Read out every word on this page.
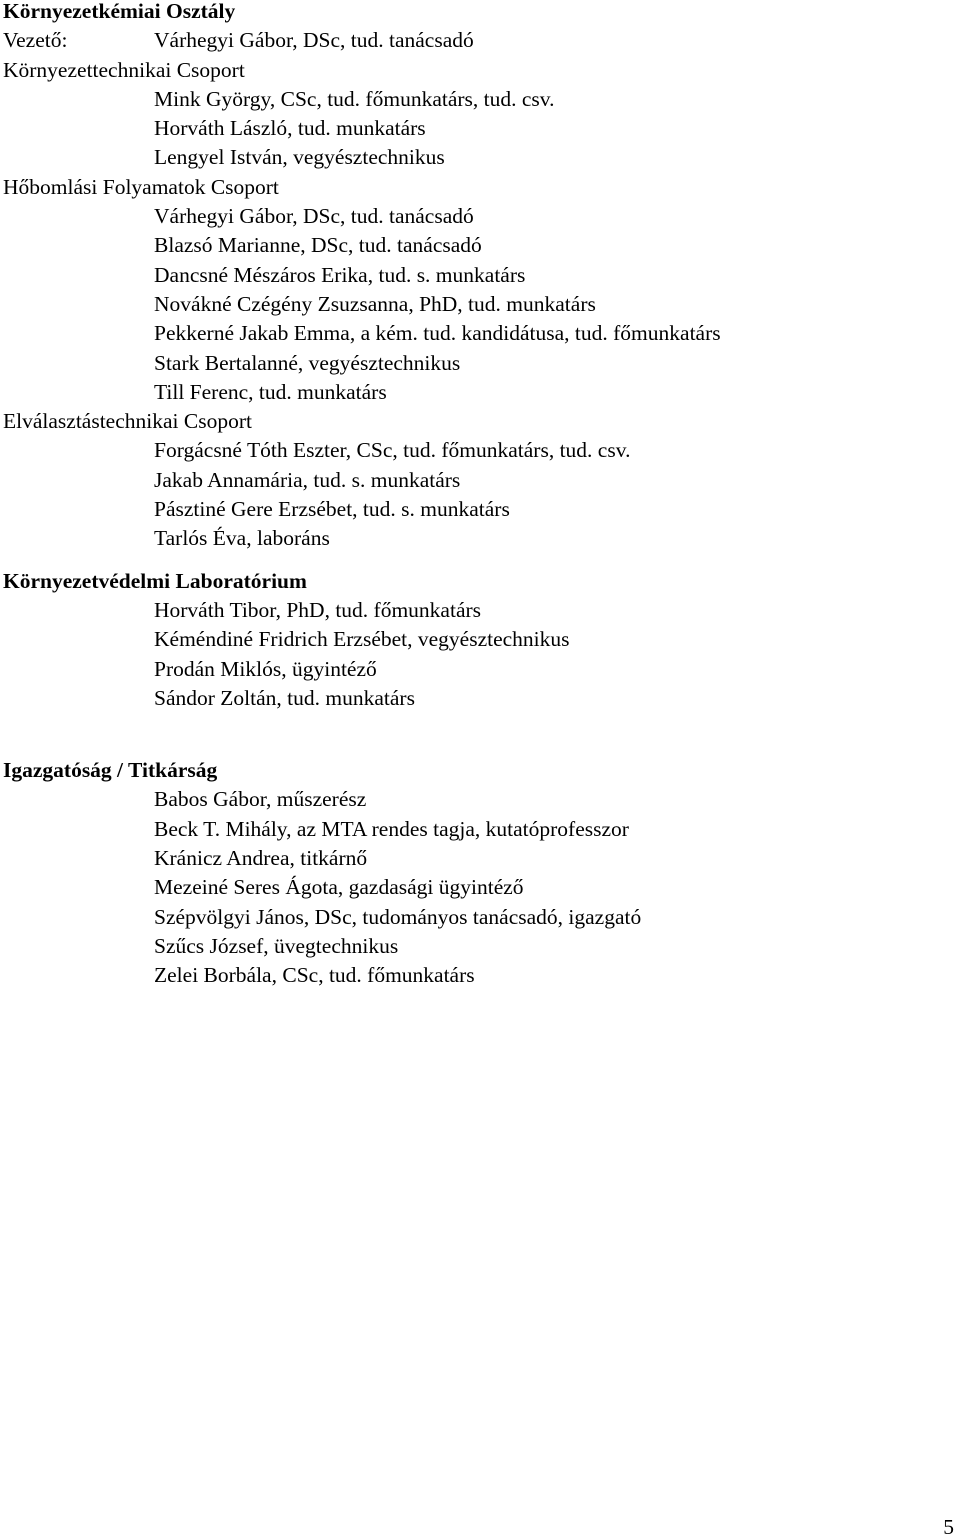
Környezetkémiai Osztály
Vezető:	Várhegyi Gábor, DSc, tud. tanácsadó
Környezettechnikai Csoport
Mink György, CSc, tud. főmunkatárs, tud. csv.
Horváth László, tud. munkatárs
Lengyel István, vegyésztechnikus
Hőbomlási Folyamatok Csoport
Várhegyi Gábor, DSc, tud. tanácsadó
Blazsó Marianne, DSc, tud. tanácsadó
Dancsné Mészáros Erika, tud. s. munkatárs
Novákné Czégény Zsuzsanna, PhD, tud. munkatárs
Pekkerné Jakab Emma, a kém. tud. kandidátusa, tud. főmunkatárs
Stark Bertalanné, vegyésztechnikus
Till Ferenc, tud. munkatárs
Elválasztástechnikai Csoport
Forgácsné Tóth Eszter, CSc, tud. főmunkatárs, tud. csv.
Jakab Annamária, tud. s. munkatárs
Pásztiné Gere Erzsébet, tud. s. munkatárs
Tarlós Éva, laboráns
Környezetvédelmi Laboratórium
Horváth Tibor, PhD, tud. főmunkatárs
Kéméndiné Fridrich Erzsébet, vegyésztechnikus
Prodán Miklós, ügyintéző
Sándor Zoltán, tud. munkatárs
Igazgatóság / Titkárság
Babos Gábor, műszerész
Beck T. Mihály, az MTA rendes tagja, kutatóprofesszor
Kránicz Andrea, titkárnő
Mezeiné Seres Ágota, gazdasági ügyintéző
Szépvölgyi János, DSc, tudományos tanácsadó, igazgató
Szűcs József, üvegtechnikus
Zelei Borbála, CSc, tud. főmunkatárs
5
